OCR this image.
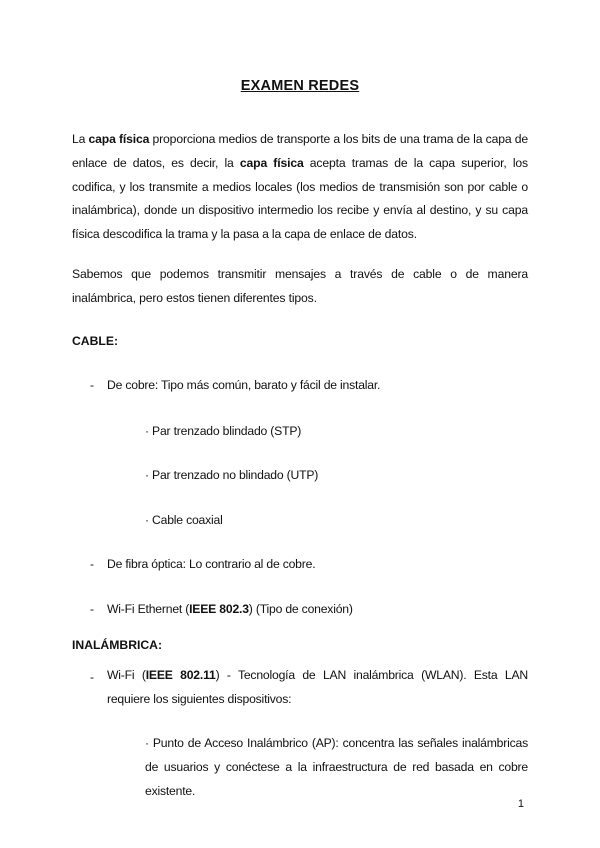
EXAMEN REDES
La capa física proporciona medios de transporte a los bits de una trama de la capa de enlace de datos, es decir, la capa física acepta tramas de la capa superior, los codifica, y los transmite a medios locales (los medios de transmisión son por cable o inalámbrica), donde un dispositivo intermedio los recibe y envía al destino, y su capa física descodifica la trama y la pasa a la capa de enlace de datos.
Sabemos que podemos transmitir mensajes a través de cable o de manera inalámbrica, pero estos tienen diferentes tipos.
CABLE:
- De cobre: Tipo más común, barato y fácil de instalar.
· Par trenzado blindado (STP)
· Par trenzado no blindado (UTP)
· Cable coaxial
- De fibra óptica: Lo contrario al de cobre.
- Wi-Fi Ethernet (IEEE 802.3) (Tipo de conexión)
INALÁMBRICA:
- Wi-Fi (IEEE 802.11) - Tecnología de LAN inalámbrica (WLAN). Esta LAN requiere los siguientes dispositivos:
· Punto de Acceso Inalámbrico (AP): concentra las señales inalámbricas de usuarios y conéctese a la infraestructura de red basada en cobre existente.
1
